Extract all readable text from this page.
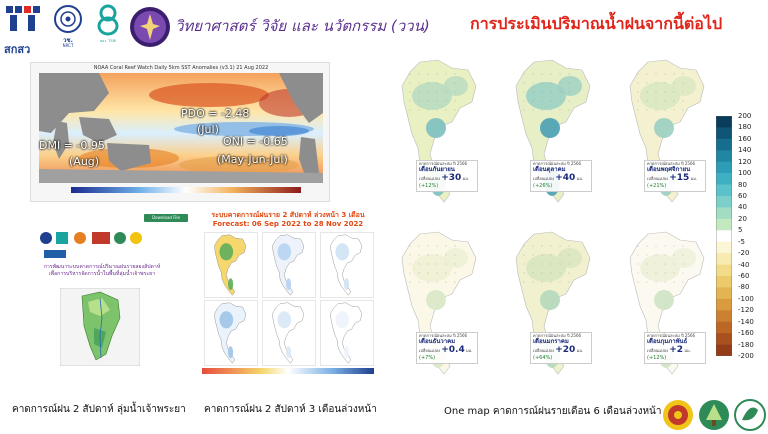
สกสว
วช.
NRCT
สอว. TSRI
วิทยาศาสตร์ วิจัย และ นวัตกรรม (ววน)	การประเมินปริมาณน้ำฝนจากนี้ต่อไป
NOAA Coral Reef Watch Daily 5km SST Anomalies (v3.1) 21 Aug 2022
PDO = -2.48
(Jul)
ONI = -0.65
(May-Jun-Jul)
DMI = -0.95
(Aug)
Download File
การพัฒนาระบบคาดการณ์ปริมาณฝนรายสองสัปดาห์
เพื่อการบริหารจัดการน้ำในพื้นที่ลุ่มน้ำเจ้าพระยา
ระบบคาดการณ์ฝนราย 2 สัปดาห์ ล่วงหน้า 3 เดือน
Forecast: 06 Sep 2022 to 28 Nov 2022
คาดการณ์ฝนสะสม ปี 2566
เดือนกันยายน
เปลี่ยนแปลง +30 มม.
(+12%)
คาดการณ์ฝนสะสม ปี 2566
เดือนตุลาคม
เปลี่ยนแปลง +40 มม.
(+26%)
คาดการณ์ฝนสะสม ปี 2566
เดือนพฤศจิกายน
เปลี่ยนแปลง +15 มม.
(+21%)
คาดการณ์ฝนสะสม ปี 2566
เดือนธันวาคม
เปลี่ยนแปลง +0.4 มม.
(+7%)
คาดการณ์ฝนสะสม ปี 2566
เดือนมกราคม
เปลี่ยนแปลง +20 มม.
(+64%)
คาดการณ์ฝนสะสม ปี 2566
เดือนกุมภาพันธ์
เปลี่ยนแปลง +2 มม.
(+12%)
200
180
160
140
120
100
80
60
40
20
5
-5
-20
-40
-60
-80
-100
-120
-140
-160
-180
-200
คาดการณ์ฝน 2 สัปดาห์ ลุ่มน้ำเจ้าพระยา คาดการณ์ฝน 2 สัปดาห์ 3 เดือนล่วงหน้า	One map คาดการณ์ฝนรายเดือน 6 เดือนล่วงหน้า
